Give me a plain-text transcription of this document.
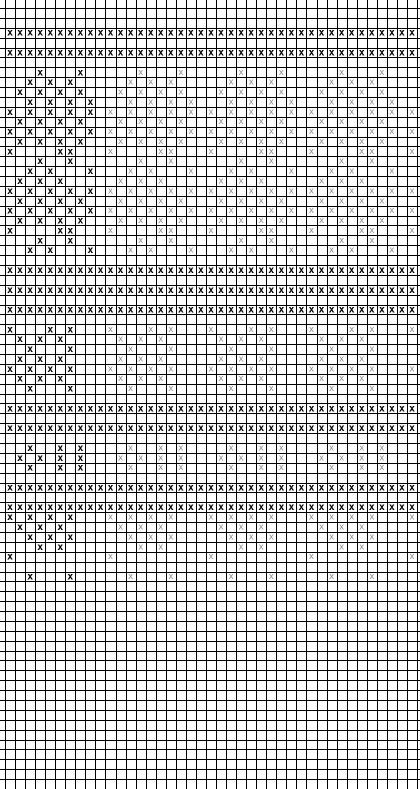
x x x x x x x x x x x x x x x x x x x x x x x x x x x x x x x x x x x x x x x x x
x x x x x x x x x x x x x x x x x x x x x x x x x x x x x x x x x x x x x x x x x
x	x	x	x	x	x	x	x
x x x	x x x	x x x	x x x
x x x x	x x x x	x x x x	x x x x
x x x x	x x x x	x x x x	x x x x
x x x x x x x x x x x x x x x x x x x x x
x x x x	x x x x	x x x x	x x x x
x x x x x x x x x x x x x x x x x x x x x
x x x x	x x x x	x x x x	x x x x
x	x x	x	x x	x	x x	x	x x	x
x x	x	x	x	x	x	x
x x	x	x x	x	x x	x	x x	x
x x x	x x x	x x x	x x x
x x x x x x x x x x x x x x x x x x x x x
x x x x	x x x x	x x x x	x x x x
x x x x x x x x x x x x x x x x x x x x x
x x x x	x x x x	x x x x	x x x x
x	x x	x	x x	x	x x	x	x x	x
x x	x	x	x	x	x	x
x x	x	x x	x	x x	x	x x	x
x x x x x x x x x x x x x x x x x x x x x x x x x x x x x x x x x x x x x x x x x
x x x x x x x x x x x x x x x x x x x x x x x x x x x x x x x x x x x x x x x x x
x x x x x x x x x x x x x x x x x x x x x x x x x x x x x x x x x x x x x x x x x
x	x x	x	x x	x	x x	x	x x	x
x x x	x x x	x x x	x x x
x	x	x	x	x	x	x	x
x x x	x x x	x x x	x x x
x x x x	x x x x	x x x x	x x x x	x
x x x	x x x	x x x	x x x
x	x	x	x	x	x	x	x
x x x x x x x x x x x x x x x x x x x x x x x x x x x x x x x x x x x x x x x x x
x x x x x x x x x x x x x x x x x x x x x x x x x x x x x x x x x x x x x x x x x
x x x	x	x x	x	x x	x	x x
x x x x	x x x x	x x x x	x x x x
x x x	x	x x	x	x x	x	x x
x x x x x x x x x x x x x x x x x x x x x x x x x x x x x x x x x x x x x x x x x
x x x x x x x x x x x x x x x x x x x x x x x x x x x x x x x x x x x x x x x x x
x x x x	x x x x	x x x x	x x x x	x
x x x	x x x	x x x	x x x
x x x	x x x	x x x	x x x
x x	x x	x x	x x
x	x	x	x	x
x	x	x	x	x	x	x	x
